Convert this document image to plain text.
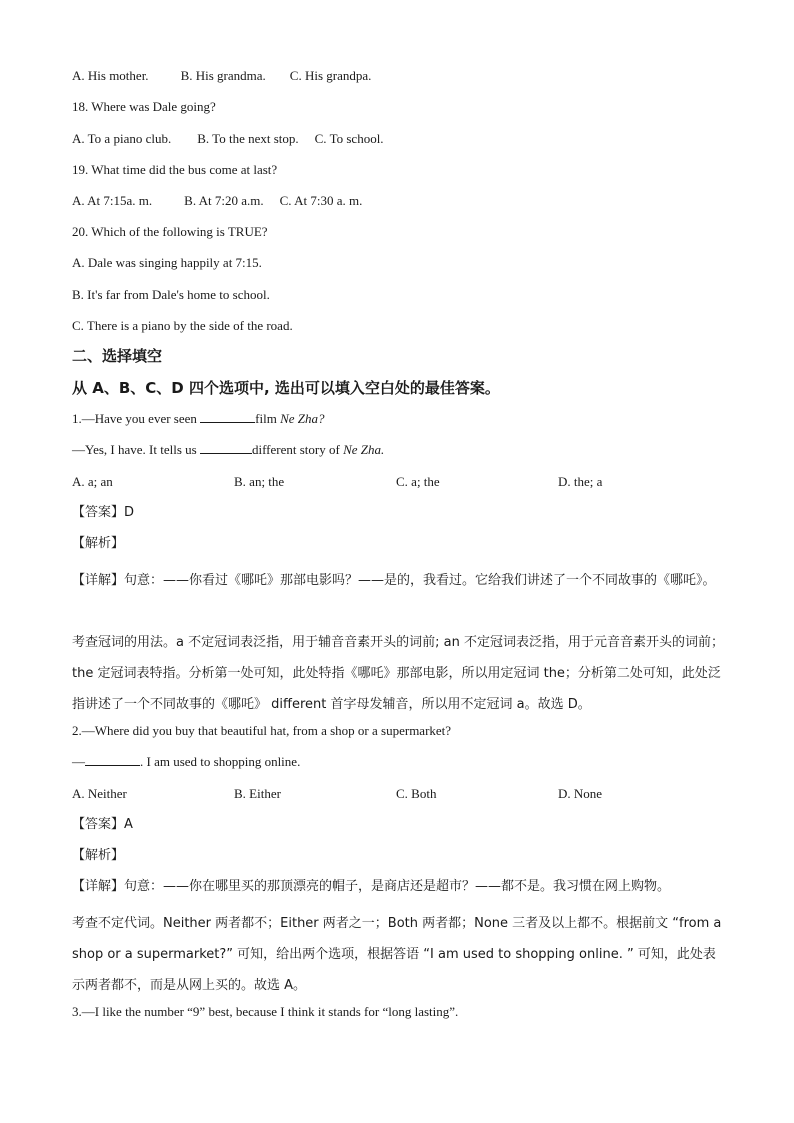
A. His mother. B. His grandma. C. His grandpa.
18. Where was Dale going?
A. To a piano club. B. To the next stop. C. To school.
19. What time did the bus come at last?
A. At 7:15a. m. B. At 7:20 a.m. C. At 7:30 a. m.
20. Which of the following is TRUE?
A. Dale was singing happily at 7:15.
B. It's far from Dale's home to school.
C. There is a piano by the side of the road.
二、选择填空
从 A、B、C、D 四个选项中, 选出可以填入空白处的最佳答案。
1.—Have you ever seen	film Ne Zha?
—Yes, I have. It tells us	different story of Ne Zha.
A. a; an	B. an; the	C. a; the	D. the; a
【答案】D
【解析】
【详解】句意：——你看过《哪吒》那部电影吗？——是的，我看过。它给我们讲述了一个不同故事的《哪吒》。
考查冠词的用法。a 不定冠词表泛指，用于辅音音素开头的词前; an 不定冠词表泛指，用于元音音素开头的词前；the 定冠词表特指。分析第一处可知，此处特指《哪吒》那部电影，所以用定冠词 the；分析第二处可知，此处泛指讲述了一个不同故事的《哪吒》 different 首字母发辅音，所以用不定冠词 a。故选 D。
2.—Where did you buy that beautiful hat, from a shop or a supermarket?
—	. I am used to shopping online.
A. Neither	B. Either	C. Both	D. None
【答案】A
【解析】
【详解】句意：——你在哪里买的那顶漂亮的帽子，是商店还是超市？——都不是。我习惯在网上购物。
考查不定代词。Neither 两者都不；Either 两者之一；Both 两者都；None 三者及以上都不。根据前文 “from a shop or a supermarket?” 可知，给出两个选项，根据答语 “I am used to shopping online. ” 可知，此处表示两者都不，而是从网上买的。故选 A。
3.—I like the number “9” best, because I think it stands for “long lasting”.
